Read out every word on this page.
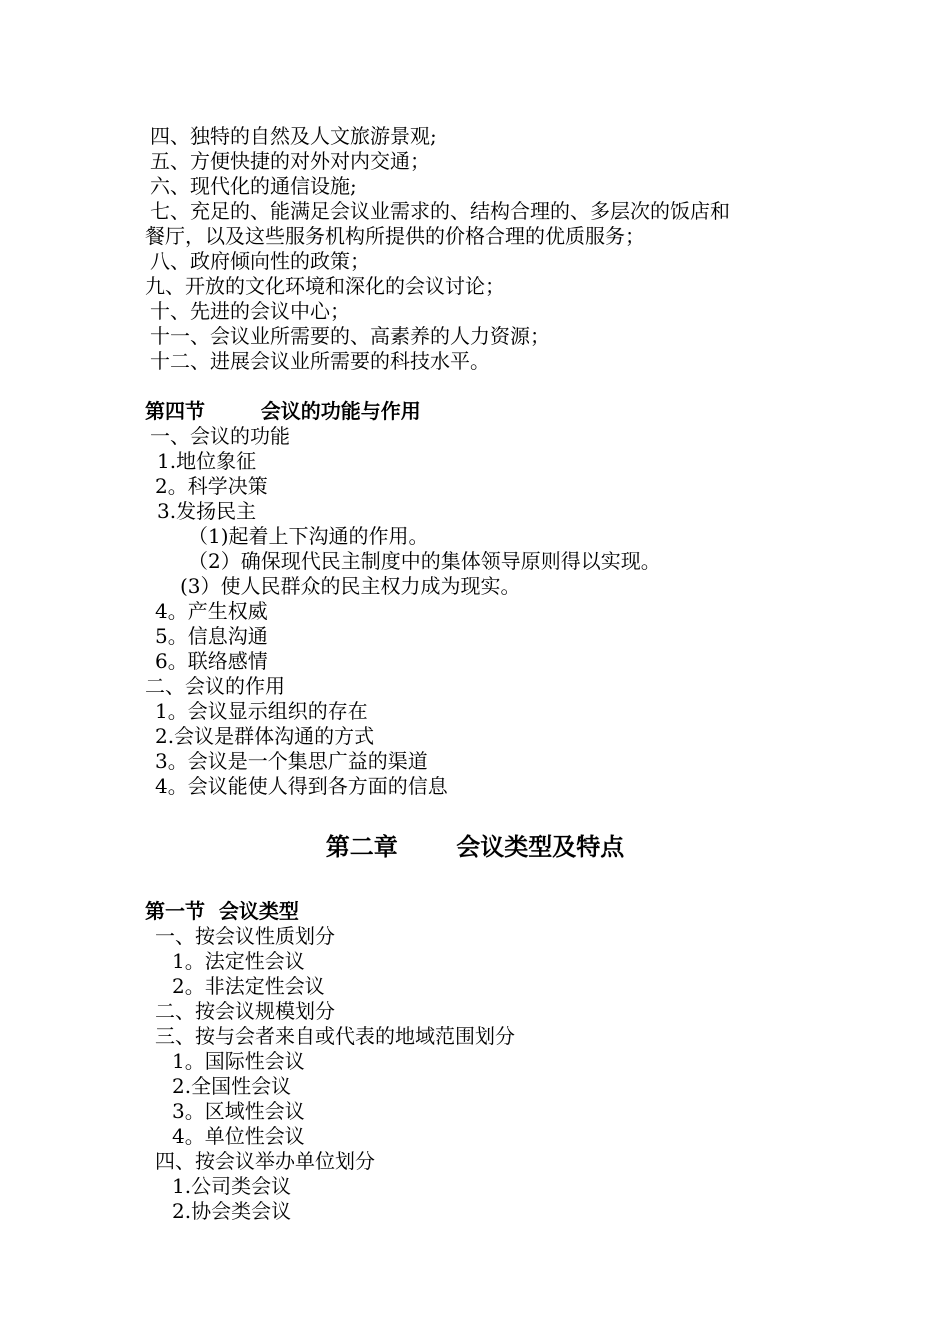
四、独特的自然及人文旅游景观;
五、方便快捷的对外对内交通；
六、现代化的通信设施;
七、充足的、能满足会议业需求的、结构合理的、多层次的饭店和
餐厅，以及这些服务机构所提供的价格合理的优质服务；
八、政府倾向性的政策；
九、开放的文化环境和深化的会议讨论；
十、先进的会议中心；
十一、会议业所需要的、高素养的人力资源；
十二、进展会议业所需要的科技水平。
第四节        会议的功能与作用
一、会议的功能
1.地位象征
2。科学决策
3.发扬民主
（1)起着上下沟通的作用。
（2）确保现代民主制度中的集体领导原则得以实现。
(3）使人民群众的民主权力成为现实。
4。产生权威
5。信息沟通
6。联络感情
二、会议的作用
1。会议显示组织的存在
2.会议是群体沟通的方式
3。会议是一个集思广益的渠道
4。会议能使人得到各方面的信息
第二章       会议类型及特点
第一节  会议类型
一、按会议性质划分
1。法定性会议
2。非法定性会议
二、按会议规模划分
三、按与会者来自或代表的地域范围划分
1。国际性会议
2.全国性会议
3。区域性会议
4。单位性会议
四、按会议举办单位划分
1.公司类会议
2.协会类会议
